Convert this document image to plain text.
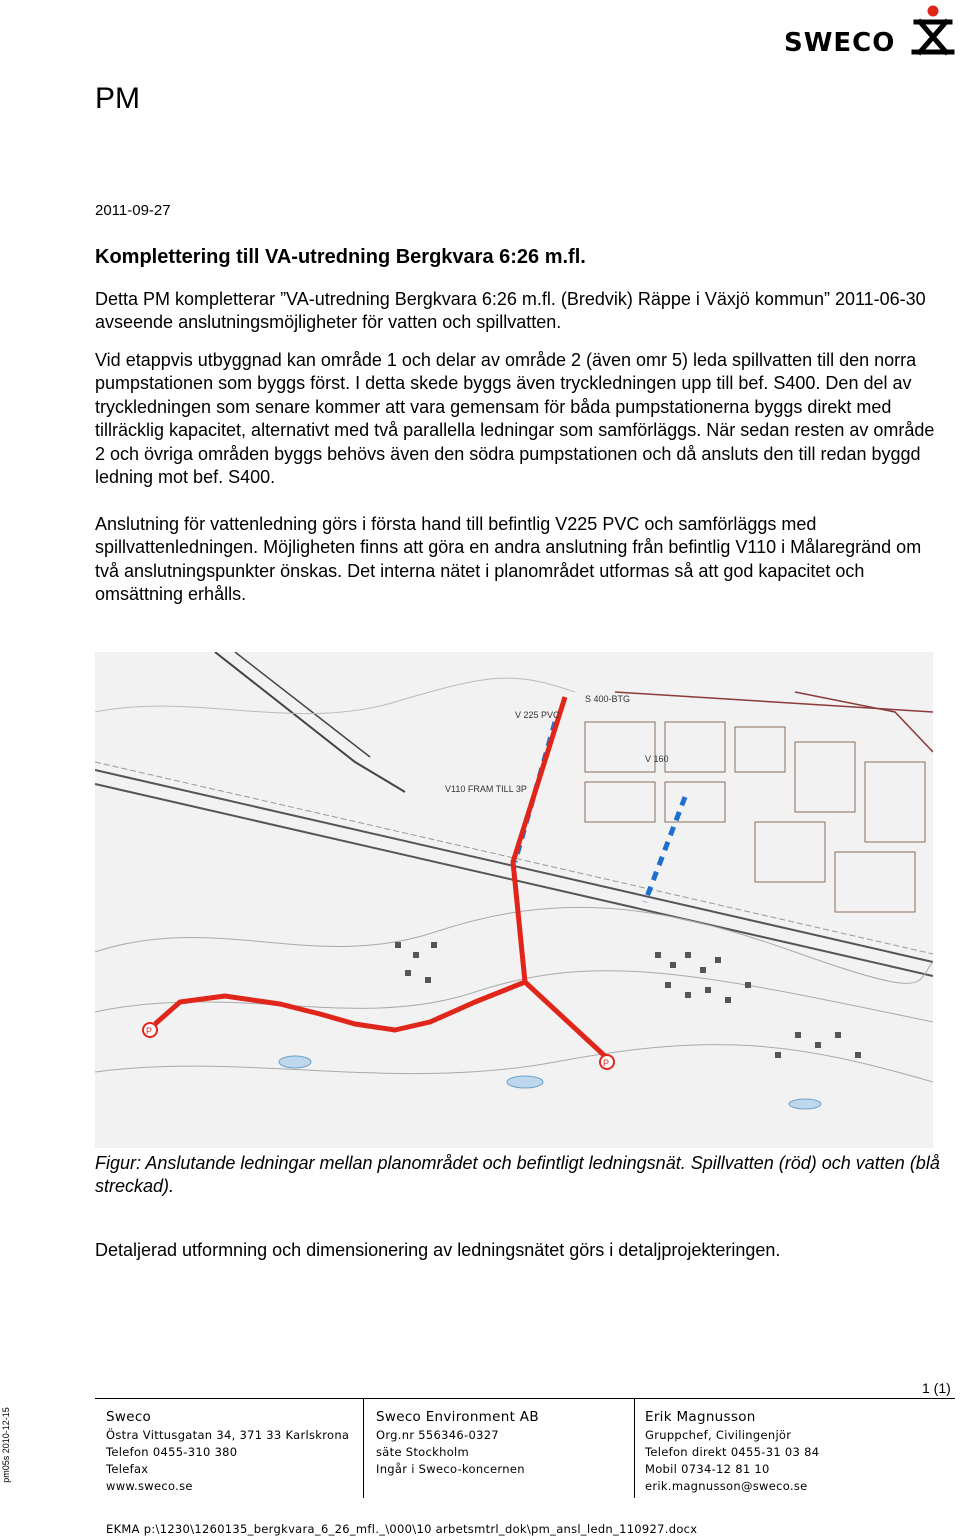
SWECO
PM
2011-09-27
Komplettering till VA-utredning Bergkvara 6:26 m.fl.

Detta PM kompletterar ”VA-utredning Bergkvara 6:26 m.fl. (Bredvik) Räppe i Växjö kommun” 2011-06-30 avseende anslutningsmöjligheter för vatten och spillvatten.

Vid etappvis utbyggnad kan område 1 och delar av område 2 (även omr 5) leda spillvatten till den norra pumpstationen som byggs först. I detta skede byggs även tryckledningen upp till bef. S400. Den del av tryckledningen som senare kommer att vara gemensam för båda pumpstationerna byggs direkt med tillräcklig kapacitet, alternativt med två parallella ledningar som samförläggs. När sedan resten av område 2 och övriga områden byggs behövs även den södra pumpstationen och då ansluts den till redan byggd ledning mot bef. S400.

Anslutning för vattenledning görs i första hand till befintlig V225 PVC och samförläggs med spillvattenledningen. Möjligheten finns att göra en andra anslutning från befintlig V110 i Målaregränd om två anslutningspunkter önskas. Det interna nätet i planområdet utformas så att god kapacitet och omsättning erhålls.

P
P
V 225 PVC
S 400-BTG
V110 FRAM TILL 3P
V 160

Figur: Anslutande ledningar mellan planområdet och befintligt ledningsnät. Spillvatten (röd) och vatten (blå streckad).

Detaljerad utformning och dimensionering av ledningsnätet görs i detaljprojekteringen.
1 (1)
pm05s 2010-12-15	Sweco
Östra Vittusgatan 34, 371 33 Karlskrona
Telefon 0455-310 380
Telefax
www.sweco.se
Sweco Environment AB
Org.nr 556346-0327
säte Stockholm
Ingår i Sweco-koncernen
Erik Magnusson
Gruppchef, Civilingenjör
Telefon direkt 0455-31 03 84
Mobil 0734-12 81 10
erik.magnusson@sweco.se
EKMA p:\1230\1260135_bergkvara_6_26_mfl._\000\10 arbetsmtrl_dok\pm_ansl_ledn_110927.docx
